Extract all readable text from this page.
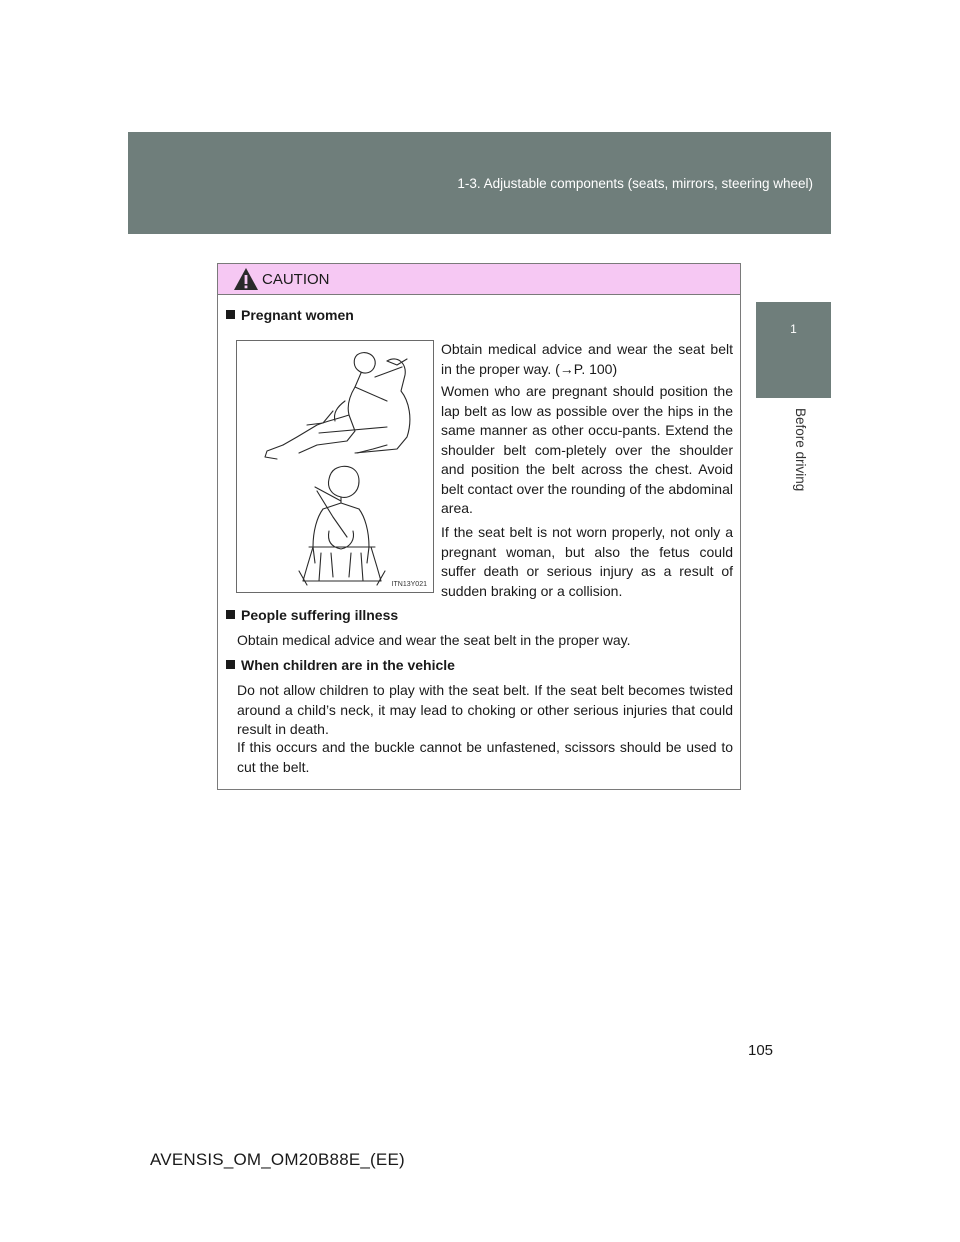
1-3. Adjustable components (seats, mirrors, steering wheel)
1
Before driving
CAUTION
Pregnant women
ITN13Y021

Obtain medical advice and wear the seat belt in the proper way. (→P. 100)

Women who are pregnant should position the lap belt as low as possible over the hips in the same manner as other occu-pants. Extend the shoulder belt com-pletely over the shoulder and position the belt across the chest. Avoid belt contact over the rounding of the abdominal area.

If the seat belt is not worn properly, not only a pregnant woman, but also the fetus could suffer death or serious injury as a result of sudden braking or a collision.

People suffering illness

Obtain medical advice and wear the seat belt in the proper way.

When children are in the vehicle

Do not allow children to play with the seat belt. If the seat belt becomes twisted around a child’s neck, it may lead to choking or other serious injuries that could result in death.

If this occurs and the buckle cannot be unfastened, scissors should be used to cut the belt.

105
AVENSIS_OM_OM20B88E_(EE)
